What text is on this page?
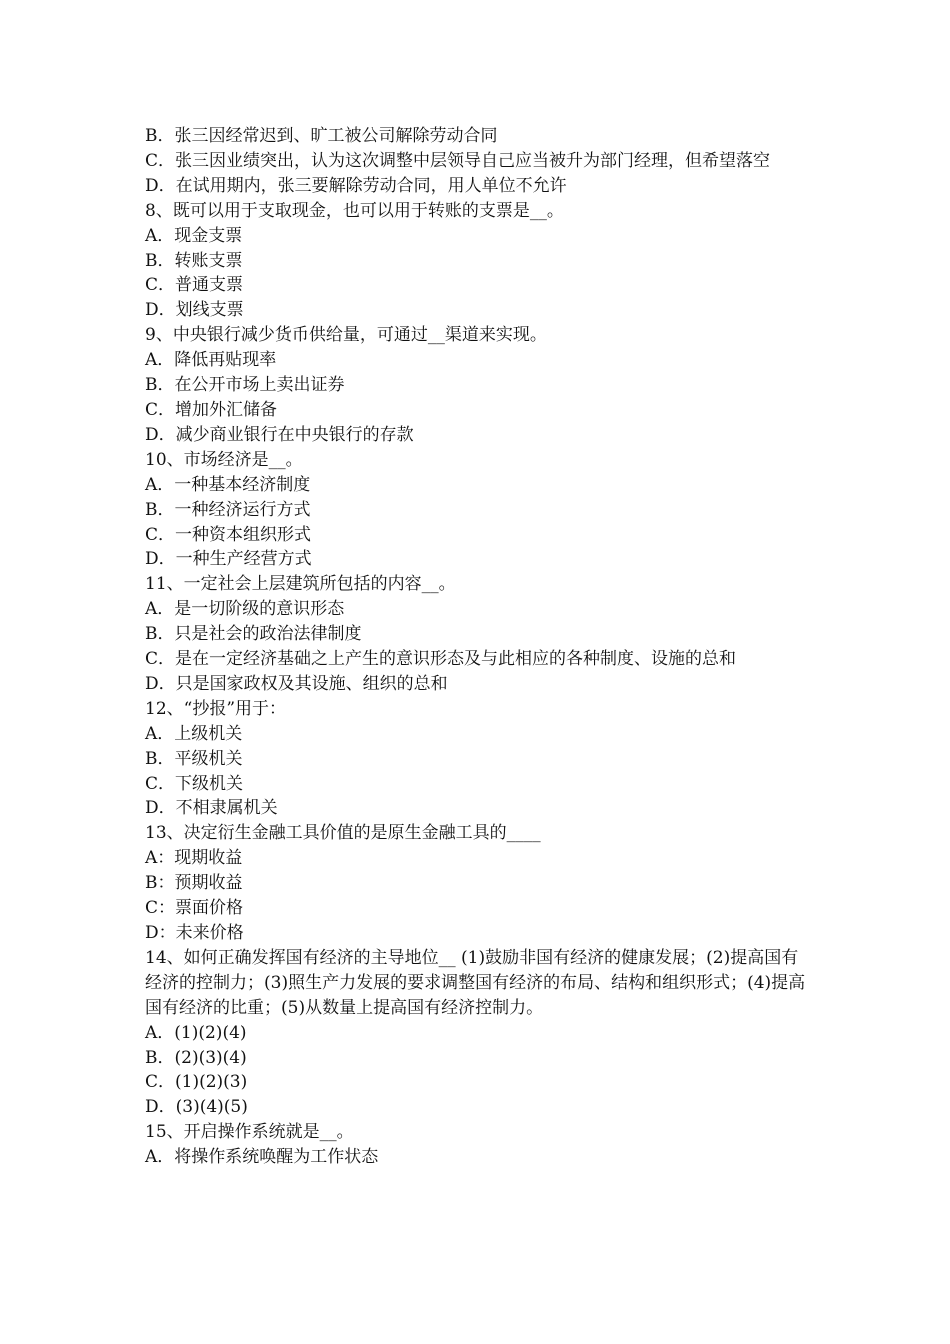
B．张三因经常迟到、旷工被公司解除劳动合同

C．张三因业绩突出，认为这次调整中层领导自己应当被升为部门经理，但希望落空

D．在试用期内，张三要解除劳动合同，用人单位不允许

8、既可以用于支取现金，也可以用于转账的支票是__。

A．现金支票

B．转账支票

C．普通支票

D．划线支票

9、中央银行减少货币供给量，可通过__渠道来实现。

A．降低再贴现率

B．在公开市场上卖出证券

C．增加外汇储备

D．减少商业银行在中央银行的存款

10、市场经济是__。

A．一种基本经济制度

B．一种经济运行方式

C．一种资本组织形式

D．一种生产经营方式

11、一定社会上层建筑所包括的内容__。

A．是一切阶级的意识形态

B．只是社会的政治法律制度

C．是在一定经济基础之上产生的意识形态及与此相应的各种制度、设施的总和

D．只是国家政权及其设施、组织的总和

12、“抄报”用于：

A．上级机关

B．平级机关

C．下级机关

D．不相隶属机关

13、决定衍生金融工具价值的是原生金融工具的____

A：现期收益

B：预期收益

C：票面价格

D：未来价格

14、如何正确发挥国有经济的主导地位__ (1)鼓励非国有经济的健康发展；(2)提高国有经济的控制力；(3)照生产力发展的要求调整国有经济的布局、结构和组织形式；(4)提高国有经济的比重；(5)从数量上提高国有经济控制力。

A．(1)(2)(4)

B．(2)(3)(4)

C．(1)(2)(3)

D．(3)(4)(5)

15、开启操作系统就是__。

A．将操作系统唤醒为工作状态
